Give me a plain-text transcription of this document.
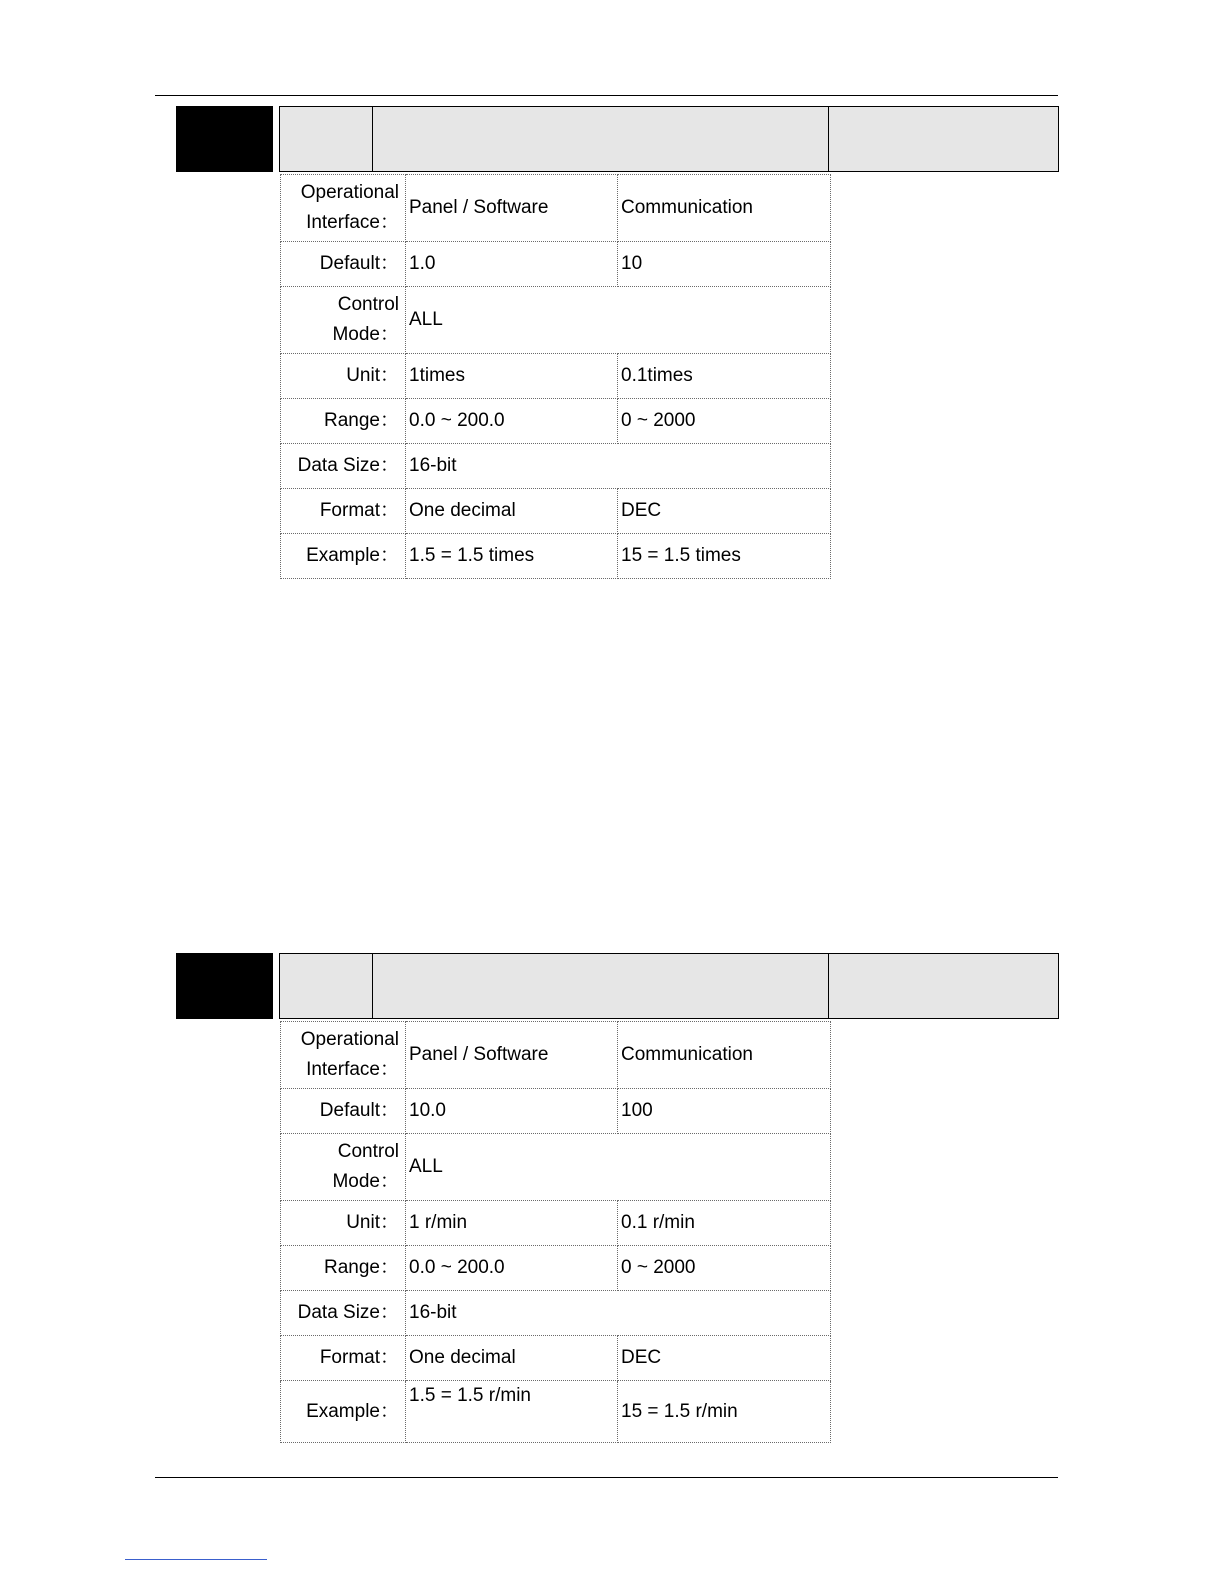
Operational
Interface：	Panel / Software	Communication
Default：	1.0	10

Control
Mode：	ALL	
Unit：	1times	0.1times
Range：	0.0 ~ 200.0	0 ~ 2000
Data Size：	16-bit	
Format：	One decimal	DEC
Example：	1.5 = 1.5 times	15 = 1.5 times
Operational
Interface：	Panel / Software	Communication
Default：	10.0	100

Control
Mode：	ALL	
Unit：	1 r/min	0.1 r/min
Range：	0.0 ~ 200.0	0 ~ 2000
Data Size：	16-bit	
Format：	One decimal	DEC
Example：	1.5 = 1.5 r/min	15 = 1.5 r/min
